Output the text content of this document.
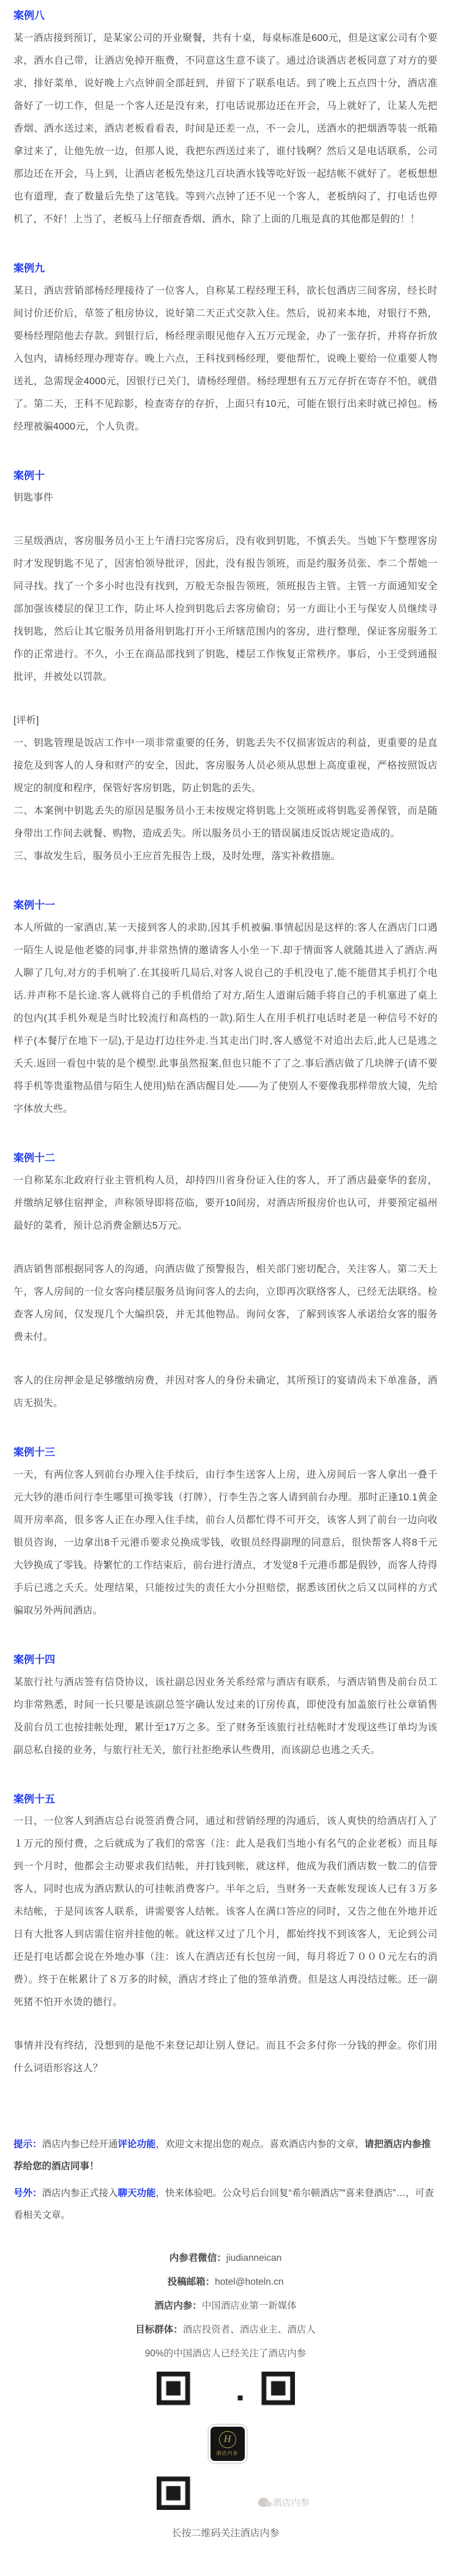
案例八

某一酒店接到预订，是某家公司的开业聚餐，共有十桌，每桌标准是600元，但是这家公司有个要求，酒水自己带，让酒店免掉开瓶费，不同意这生意不谈了。通过洽谈酒店老板同意了对方的要求，排好菜单，说好晚上六点钟前全部赶到，并留下了联系电话。到了晚上五点四十分，酒店准备好了一切工作，但是一个客人还是没有来，打电话说那边还在开会，马上就好了，让某人先把香烟、酒水送过来，酒店老板看看表，时间是还差一点，不一会儿，送酒水的把烟酒等装一纸箱拿过来了，让他先放一边，但那人说，我把东西送过来了，谁付钱啊？然后又是电话联系，公司那边还在开会，马上到，让酒店老板先垫这几百块酒水钱等吃好饭一起结帐不就好了。老板想想也有道理，查了数量后先垫了这笔钱。等到六点钟了还不见一个客人，老板纳闷了，打电话也停机了，不好！上当了，老板马上仔细查香烟、酒水，除了上面的几瓶是真的其他都是假的！！

案例九

某日，酒店营销部杨经理接待了一位客人，自称某工程经理王科，欲长包酒店三间客房，经长时间讨价还价后，草签了租房协议，说好第二天正式交款入住。然后，说初来本地，对银行不熟，要杨经理陪他去存款。到银行后，杨经理亲眼见他存入五万元现金，办了一张存折，并将存折放入包内，请杨经理办理寄存。晚上六点，王科找到杨经理，要他帮忙，说晚上要给一位重要人物送礼，急需现金4000元，因银行已关门，请杨经理借。杨经理想有五万元存折在寄存不怕，就借了。第二天，王科不见踪影，检查寄存的存折，上面只有10元，可能在银行出来时就已掉包。杨经理被骗4000元，个人负责。

案例十

钥匙事件

三星级酒店，客房服务员小王上午清扫完客房后，没有收到钥匙，不慎丢失。当她下午整理客房时才发现钥匙不见了，因害怕领导批评，因此，没有报告领班，而是约服务员张、李二个帮她一同寻找。找了一个多小时也没有找到，万般无奈报告领班，领班报告主管。主管一方面通知安全部加强该楼层的保卫工作，防止坏人捡到钥匙后去客房偷窃；另一方面让小王与保安人员继续寻找钥匙，然后让其它服务员用备用钥匙打开小王所辖范围内的客房，进行整理，保证客房服务工作的正常进行。不久，小王在商品部找到了钥匙，楼层工作恢复正常秩序。事后，小王受到通报批评，并被处以罚款。

[评析]

一、钥匙管理是饭店工作中一项非常重要的任务，钥匙丢失不仅损害饭店的利益，更重要的是直接危及到客人的人身和财产的安全，因此，客房服务人员必须从思想上高度重视，严格按照饭店规定的制度和程序，保管好客房钥匙，防止钥匙的丢失。

二、本案例中钥匙丢失的原因是服务员小王未按规定将钥匙上交领班或将钥匙妥善保管，而是随身带出工作间去就餐、购物，造成丢失。所以服务员小王的错误属违反饭店规定造成的。

三、事故发生后，服务员小王应首先报告上级，及时处理，落实补救措施。

案例十一

本人所做的一家酒店,某一天接到客人的求助,因其手机被骗.事情起因是这样的:客人在酒店门口遇一陌生人说是他老婆的同事,并非常热情的邀请客人小坐一下.却于情面客人就随其进入了酒店.两人聊了几句,对方的手机响了.在其接听几局后,对客人说自己的手机没电了,能不能借其手机打个电话.并声称不是长途.客人就将自己的手机借给了对方,陌生人道谢后随手将自己的手机塞进了桌上的包内(其手机外观是当时比较流行和高档的一款).陌生人在用手机打电话时老是一种信号不好的样子(本餐厅在地下一层),于是边打边往外走.当其走出门时,客人感觉不对追出去后,此人已是逃之夭夭.返回一看包中装的是个模型.此事虽然报案,但也只能不了了之.事后酒店做了几块牌子(请不要将手机等贵重物品借与陌生人使用)贴在酒店醒目处.——为了使别人不要像我那样带放大镜，先给字体放大些。

案例十二

一自称某东北政府行业主管机构人员，却持四川省身份证入住的客人，开了酒店最豪华的套房，并缴纳足够住宿押金，声称领导即将莅临，要开10间房，对酒店所报房价也认可，并要预定福州最好的菜肴，预计总消费金额达5万元。

酒店销售部根据同客人的沟通，向酒店做了预警报告，相关部门密切配合，关注客人。第二天上午，客人房间的一位女客向楼层服务员询问客人的去向，立即再次联络客人，已经无法联络。检查客人房间，仅发现几个大编织袋，并无其他物品。询问女客，了解到该客人承诺给女客的服务费未付。

客人的住房押金是足够缴纳房费，并因对客人的身份未确定，其所预订的宴请尚未下单准备，酒店无损失。

案例十三

一天，有两位客人到前台办理入住手续后，由行李生送客人上房，进入房间后一客人拿出一叠千元大钞的港币问行李生哪里可换零钱（打牌），行李生告之客人请到前台办理。那时正逢10.1黄金周开房率高，很多客人正在办理入住手续，前台人员都忙得不可开交，该客人到了前台一边向收银员咨询，一边拿出8千元港币要求兑换成零钱，收银员经得副理的同意后，很快帮客人将8千元大钞换成了零钱。待繁忙的工作结束后，前台进行清点，才发觉8千元港币都是假钞，而客人待得手后已逃之夭夭。处理结果，只能按过失的责任大小分担赔偿，据悉该团伙之后又以同样的方式骗取另外两间酒店。

案例十四

某旅行社与酒店签有信贷协议，该社副总因业务关系经常与酒店有联系，与酒店销售及前台员工均非常熟悉，时间一长只要是该副总签字确认发过来的订房传真，即使没有加盖旅行社公章销售及前台员工也按挂帐处理，累计至17万之多。至了财务至该旅行社结帐时才发现这些订单均为该副总私自接的业务，与旅行社无关，旅行社拒绝承认些费用，而该副总也逃之夭夭。

案例十五

一日，一位客人到酒店总台说签消费合同，通过和营销经理的沟通后，该人爽快的给酒店打入了１万元的预付费，之后就成为了我们的常客（注：此人是我们当地小有名气的企业老板）而且每到一个月时，他都会主动要求我们结帐，并打钱到帐，就这样，他成为我们酒店数一数二的信誉客人，同时也成为酒店默认的可挂帐消费客户。半年之后，当财务一天查帐发现该人已有３万多未结帐，于是同该客人联系，讲需要客人结帐。该客人在满口答应的同时，又告之他在外地并近日有大批客人到店需住宿并挂他的帐。就这样又过了几个月，都始终找不到该客人，无论到公司还是打电话都会说在外地办事（注：该人在酒店还有长包房一间，每月将近７０００元左右的消费）。终于在帐累计了８万多的时候，酒店才终止了他的签单消费。但是这人再没结过帐。还一副死猪不怕开水烫的德行。

事情并没有终结，没想到的是他不来登记却让别人登记。而且不会多付你一分钱的押金。你们用什么词语形容这人？

提示：酒店内参已经开通评论功能，欢迎文末提出您的观点。喜欢酒店内参的文章，请把酒店内参推荐给您的酒店同事！

号外：酒店内参正式接入聊天功能，快来体验吧。公众号后台回复“希尔顿酒店”“喜来登酒店”…，可查看相关文章。

内参君微信：jiudianneican

投稿邮箱：hotel@hoteln.cn

酒店内参：中国酒店业第一新媒体

目标群体：酒店投资者、酒店业主、酒店人

90%的中国酒店人已经关注了酒店内参

H
酒店内参
酒店内参

长按二维码关注酒店内参
